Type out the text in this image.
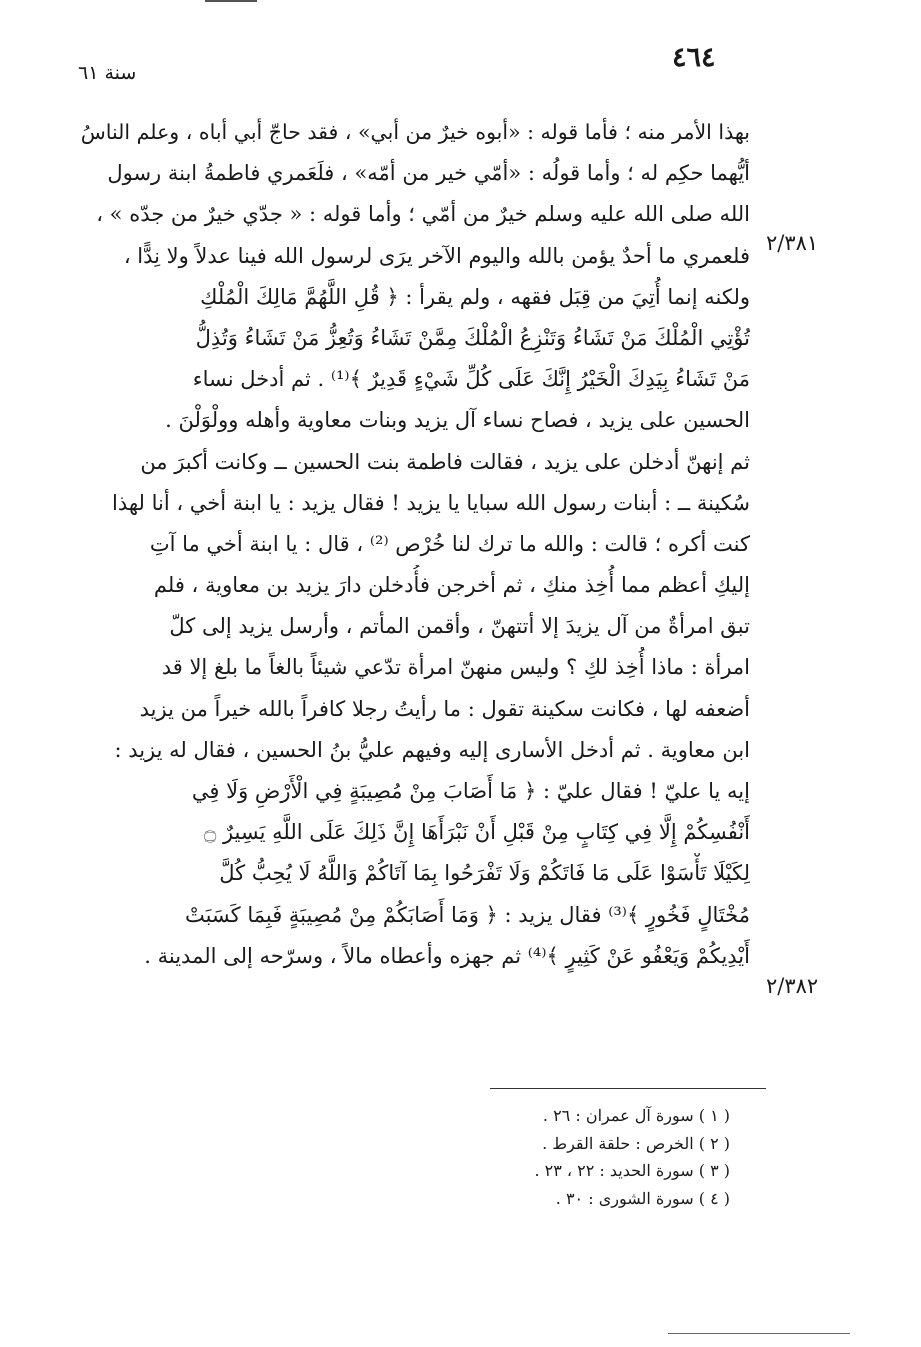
٤٦٤
سنة ٦١
٢/٣٨١
٢/٣٨٢
بهذا الأمر منه ؛ فأما قوله : «أبوه خيرٌ من أبي» ، فقد حاجّ أبي أباه ، وعلم الناسُ
أيُّهما حكِم له ؛ وأما قولُه : «أمّي خير من أمّه» ، فلَعَمري فاطمةُ ابنة رسول
الله صلى الله عليه وسلم خيرٌ من أمّي ؛ وأما قوله : « جدّي خيرٌ من جدّه » ،
فلعمري ما أحدٌ يؤمن بالله واليوم الآخر يرَى لرسول الله فينا عدلاً ولا نِدًّا ،
ولكنه إنما أُتِيَ من قِبَل فقهه ، ولم يقرأ : ﴿ قُلِ اللَّهُمَّ مَالِكَ الْمُلْكِ
تُؤْتِي الْمُلْكَ مَنْ تَشَاءُ وَتَنْزِعُ الْمُلْكَ مِمَّنْ تَشَاءُ وَتُعِزُّ مَنْ تَشَاءُ وَتُذِلُّ
مَنْ تَشَاءُ بِيَدِكَ الْخَيْرُ إِنَّكَ عَلَى كُلِّ شَيْءٍ قَدِيرٌ ﴾⁽¹⁾ . ثم أدخل نساء
الحسين على يزيد ، فصاح نساء آل يزيد وبنات معاوية وأهله وولْوَلْنَ .
ثم إنهنّ أدخلن على يزيد ، فقالت فاطمة بنت الحسين ــ وكانت أكبرَ من
سُكينة ــ : أبنات رسول الله سبايا يا يزيد ! فقال يزيد : يا ابنة أخي ، أنا لهذا
كنت أكره ؛ قالت : والله ما ترك لنا خُرْص ⁽²⁾ ، قال : يا ابنة أخي ما آتِ
إليكِ أعظم مما أُخِذ منكِ ، ثم أخرجن فأُدخلن دارَ يزيد بن معاوية ، فلم
تبق امرأةٌ من آل يزيدَ إلا أتتهنّ ، وأقمن المأتم ، وأرسل يزيد إلى كلّ
امرأة : ماذا أُخِذ لكِ ؟ وليس منهنّ امرأة تدّعي شيئاً بالغاً ما بلغ إلا قد
أضعفه لها ، فكانت سكينة تقول : ما رأيتُ رجلا كافراً بالله خيراً من يزيد
ابن معاوية . ثم أدخل الأسارى إليه وفيهم عليُّ بنُ الحسين ، فقال له يزيد :
إيه يا عليّ ! فقال عليّ : ﴿ مَا أَصَابَ مِنْ مُصِيبَةٍ فِي الْأَرْضِ وَلَا فِي
أَنْفُسِكُمْ إِلَّا فِي كِتَابٍ مِنْ قَبْلِ أَنْ نَبْرَأَهَا إِنَّ ذَلِكَ عَلَى اللَّهِ يَسِيرٌ ۝
لِكَيْلَا تَأْسَوْا عَلَى مَا فَاتَكُمْ وَلَا تَفْرَحُوا بِمَا آتَاكُمْ وَاللَّهُ لَا يُحِبُّ كُلَّ
مُخْتَالٍ فَخُورٍ ﴾⁽³⁾ فقال يزيد : ﴿ وَمَا أَصَابَكُمْ مِنْ مُصِيبَةٍ فَبِمَا كَسَبَتْ
أَيْدِيكُمْ وَيَعْفُو عَنْ كَثِيرٍ ﴾⁽⁴⁾ ثم جهزه وأعطاه مالاً ، وسرّحه إلى المدينة .
( ١ ) سورة آل عمران : ٢٦ .
( ٢ ) الخرص : حلقة القرط .
( ٣ ) سورة الحديد : ٢٢ ، ٢٣ .
( ٤ ) سورة الشورى : ٣٠ .
